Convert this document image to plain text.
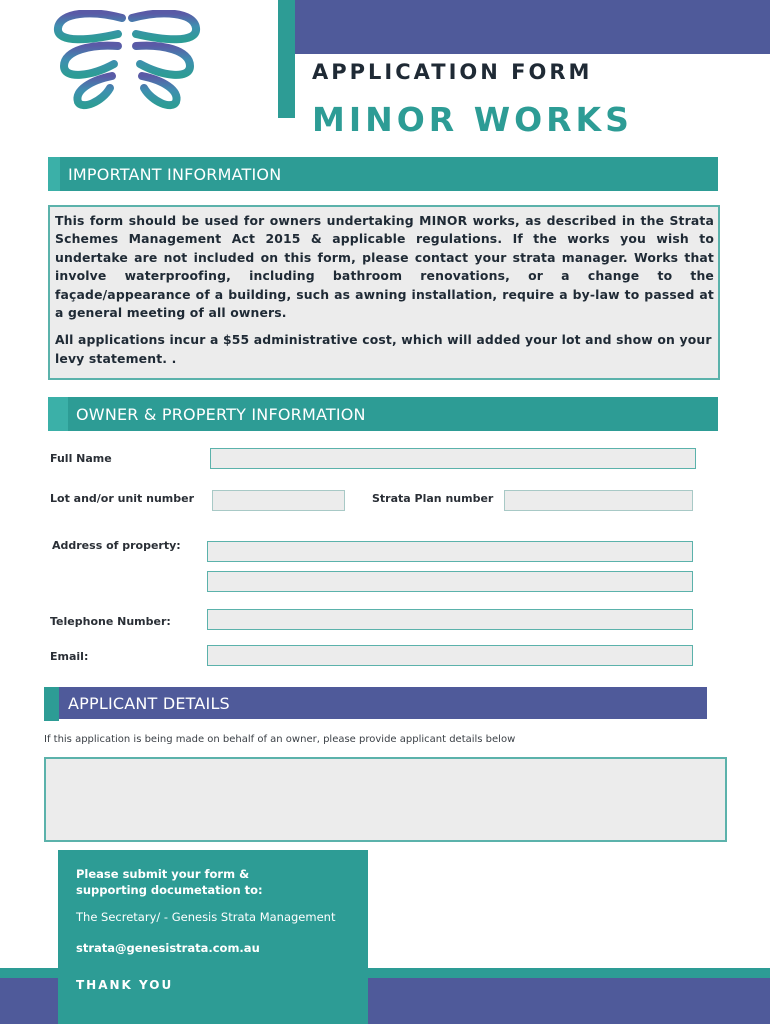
APPLICATION FORM
MINOR WORKS
IMPORTANT INFORMATION

This form should be used for owners undertaking MINOR works, as described in the Strata Schemes Management Act 2015 & applicable regulations. If the works you wish to undertake are not included on this form, please contact your strata manager. Works that involve waterproofing, including bathroom renovations, or a change to the façade/appearance of a building, such as awning installation, require a by-law to passed at a general meeting of all owners.

All applications incur a $55 administrative cost, which will added your lot and show on your levy statement. .

OWNER & PROPERTY INFORMATION
Full Name
Lot and/or unit number	Strata Plan number
Address of property:
Telephone Number:
Email:
APPLICANT DETAILS
If this application is being made on behalf of an owner, please provide applicant details below
Please submit your form & supporting documetation to:
The Secretary/ - Genesis Strata Management
strata@genesistrata.com.au
THANK YOU
